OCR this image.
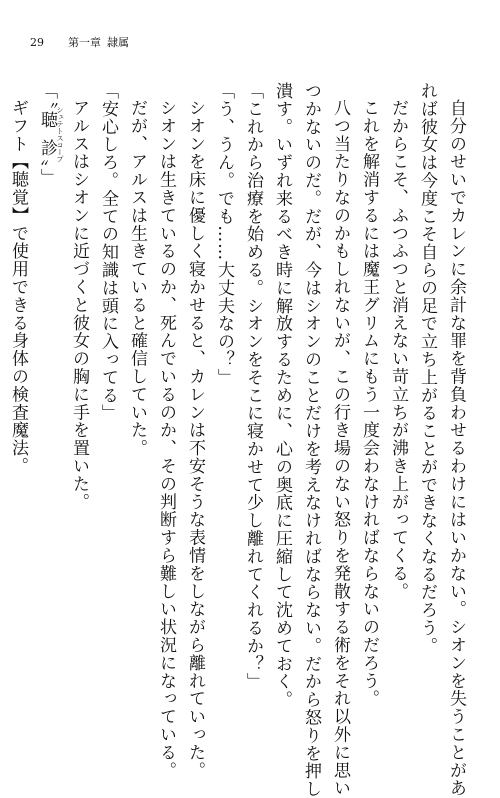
29 第一章 隷属
自分のせいでカレンに余計な罪を背負わせるわけにはいかない。シオンを失うことがあ
れば彼女は今度こそ自らの足で立ち上がることができなくなるだろう。
だからこそ、ふつふつと消えない苛立ちが沸き上がってくる。
これを解消するには魔王グリムにもう一度会わなければならないのだろう。
八つ当たりなのかもしれないが、この行き場のない怒りを発散する術をそれ以外に思い
つかないのだ。だが、今はシオンのことだけを考えなければならない。だから怒りを押し
潰す。いずれ来るべき時に解放するために、心の奥底に圧縮して沈めておく。
「これから治療を始める。シオンをそこに寝かせて少し離れてくれるか？」
「う、うん。でも……大丈夫なの？」
シオンを床に優しく寝かせると、カレンは不安そうな表情をしながら離れていった。
シオンは生きているのか、死んでいるのか、その判断すら難しい状況になっている。
だが、アルスは生きていると確信していた。
「安心しろ。全ての知識は頭に入ってる」
アルスはシオンに近づくと彼女の胸に手を置いた。
「〝聴診 シュテトスコープ〟」
ギフト【聴覚】で使用できる身体の検査魔法。
